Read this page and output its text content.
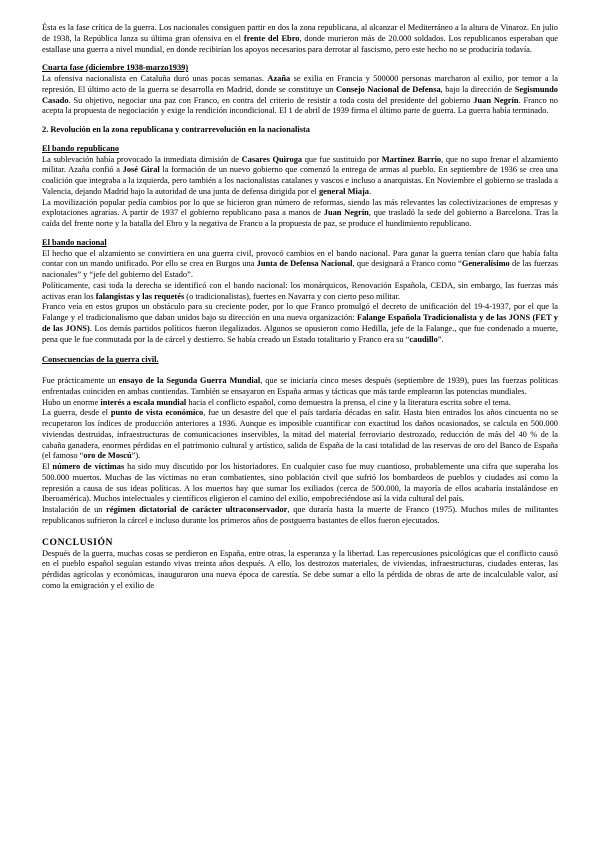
Ésta es la fase crítica de la guerra. Los nacionales consiguen partir en dos la zona republicana, al alcanzar el Mediterráneo a la altura de Vinaroz. En julio de 1938, la República lanza su última gran ofensiva en el frente del Ebro, donde murieron más de 20.000 soldados. Los republicanos esperaban que estallase una guerra a nivel mundial, en donde recibirían los apoyos necesarios para derrotar al fascismo, pero este hecho no se produciría todavía.

Cuarta fase (diciembre 1938-marzo1939)

La ofensiva nacionalista en Cataluña duró unas pocas semanas. Azaña se exilia en Francia y 500000 personas marcharon al exilio, por temor a la represión. El último acto de la guerra se desarrolla en Madrid, donde se constituye un Consejo Nacional de Defensa, bajo la dirección de Segismundo Casado. Su objetivo, negociar una paz con Franco, en contra del criterio de resistir a toda costa del presidente del gobierno Juan Negrín. Franco no acepta la propuesta de negociación y exige la rendición incondicional. El 1 de abril de 1939 firma el último parte de guerra. La guerra había terminado.

2. Revolución en la zona republicana y contrarrevolución en la nacionalista

El bando republicano

La sublevación había provocado la inmediata dimisión de Casares Quiroga que fue sustituido por Martínez Barrio, que no supo frenar el alzamiento militar. Azaña confió a José Giral la formación de un nuevo gobierno que comenzó la entrega de armas al pueblo. En septiembre de 1936 se crea una coalición que integraba a la izquierda, pero también a los nacionalistas catalanes y vascos e incluso a anarquistas. En Noviembre el gobierno se traslada a Valencia, dejando Madrid bajo la autoridad de una junta de defensa dirigida por el general Miaja.

La movilización popular pedía cambios por lo que se hicieron gran número de reformas, siendo las más relevantes las colectivizaciones de empresas y explotaciones agrarias. A partir de 1937 el gobierno republicano pasa a manos de Juan Negrín, que trasladó la sede del gobierno a Barcelona. Tras la caída del frente norte y la batalla del Ebro y la negativa de Franco a la propuesta de paz, se produce el hundimiento republicano.

El bando nacional

El hecho que el alzamiento se convirtiera en una guerra civil, provocó cambios en el bando nacional. Para ganar la guerra tenían claro que había falta contar con un mando unificado. Por ello se crea en Burgos una Junta de Defensa Nacional, que designará a Franco como “Generalísimo de las fuerzas nacionales” y “jefe del gobierno del Estado”.

Políticamente, casi toda la derecha se identificó con el bando nacional: los monárquicos, Renovación Española, CEDA, sin embargo, las fuerzas más activas eran los falangistas y las requetés (o tradicionalistas), fuertes en Navarra y con cierto peso militar.

Franco veía en estos grupos un obstáculo para su creciente poder, por lo que Franco promulgó el decreto de unificación del 19-4-1937, por el que la Falange y el tradicionalismo que daban unidos bajo su dirección en una nueva organización: Falange Española Tradicionalista y de las JONS (FET y de las JONS). Los demás partidos políticos fueron ilegalizados. Algunos se opusieron como Hedilla, jefe de la Falange., que fue condenado a muerte, pena que le fue conmutada por la de cárcel y destierro. Se había creado un Estado totalitario y Franco era su “caudillo”.

Consecuencias de la guerra civil.

Fue prácticamente un ensayo de la Segunda Guerra Mundial, que se iniciaría cinco meses después (septiembre de 1939), pues las fuerzas políticas enfrentadas coinciden en ambas contiendas. También se ensayaron en España armas y tácticas que más tarde emplearon las potencias mundiales.

Hubo un enorme interés a escala mundial hacia el conflicto español, como demuestra la prensa, el cine y la literatura escrita sobre el tema.

La guerra, desde el punto de vista económico, fue un desastre del que el país tardaría décadas en salir. Hasta bien entrados los años cincuenta no se recuperaron los índices de producción anteriores a 1936. Aunque es imposible cuantificar con exactitud los daños ocasionados, se calcula en 500.000 viviendas destruidas, infraestructuras de comunicaciones inservibles, la mitad del material ferroviario destrozado, reducción de más del 40 % de la cabaña ganadera, enormes pérdidas en el patrimonio cultural y artístico, salida de España de la casi totalidad de las reservas de oro del Banco de España (el famoso “oro de Moscú”).

El número de víctimas ha sido muy discutido por los historiadores. En cualquier caso fue muy cuantioso, probablemente una cifra que superaba los 500.000 muertos. Muchas de las víctimas no eran combatientes, sino población civil que sufrió los bombardeos de pueblos y ciudades así como la represión a causa de sus ideas políticas. A los muertos hay que sumar los exiliados (cerca de 500.000, la mayoría de ellos acabaría instalándose en Iberoamérica). Muchos intelectuales y científicos eligieron el camino del exilio, empobreciéndose así la vida cultural del país.

Instalación de un régimen dictatorial de carácter ultraconservador, que duraría hasta la muerte de Franco (1975). Muchos miles de militantes republicanos sufrieron la cárcel e incluso durante los primeros años de postguerra bastantes de ellos fueron ejecutados.

CONCLUSIÓN

Después de la guerra, muchas cosas se perdieron en España, entre otras, la esperanza y la libertad. Las repercusiones psicológicas que el conflicto causó en el pueblo español seguían estando vivas treinta años después. A ello, los destrozos materiales, de viviendas, infraestructuras, ciudades enteras, las pérdidas agrícolas y económicas, inauguraron una nueva época de carestía. Se debe sumar a ello la pérdida de obras de arte de incalculable valor, así como la emigración y el exilio de
